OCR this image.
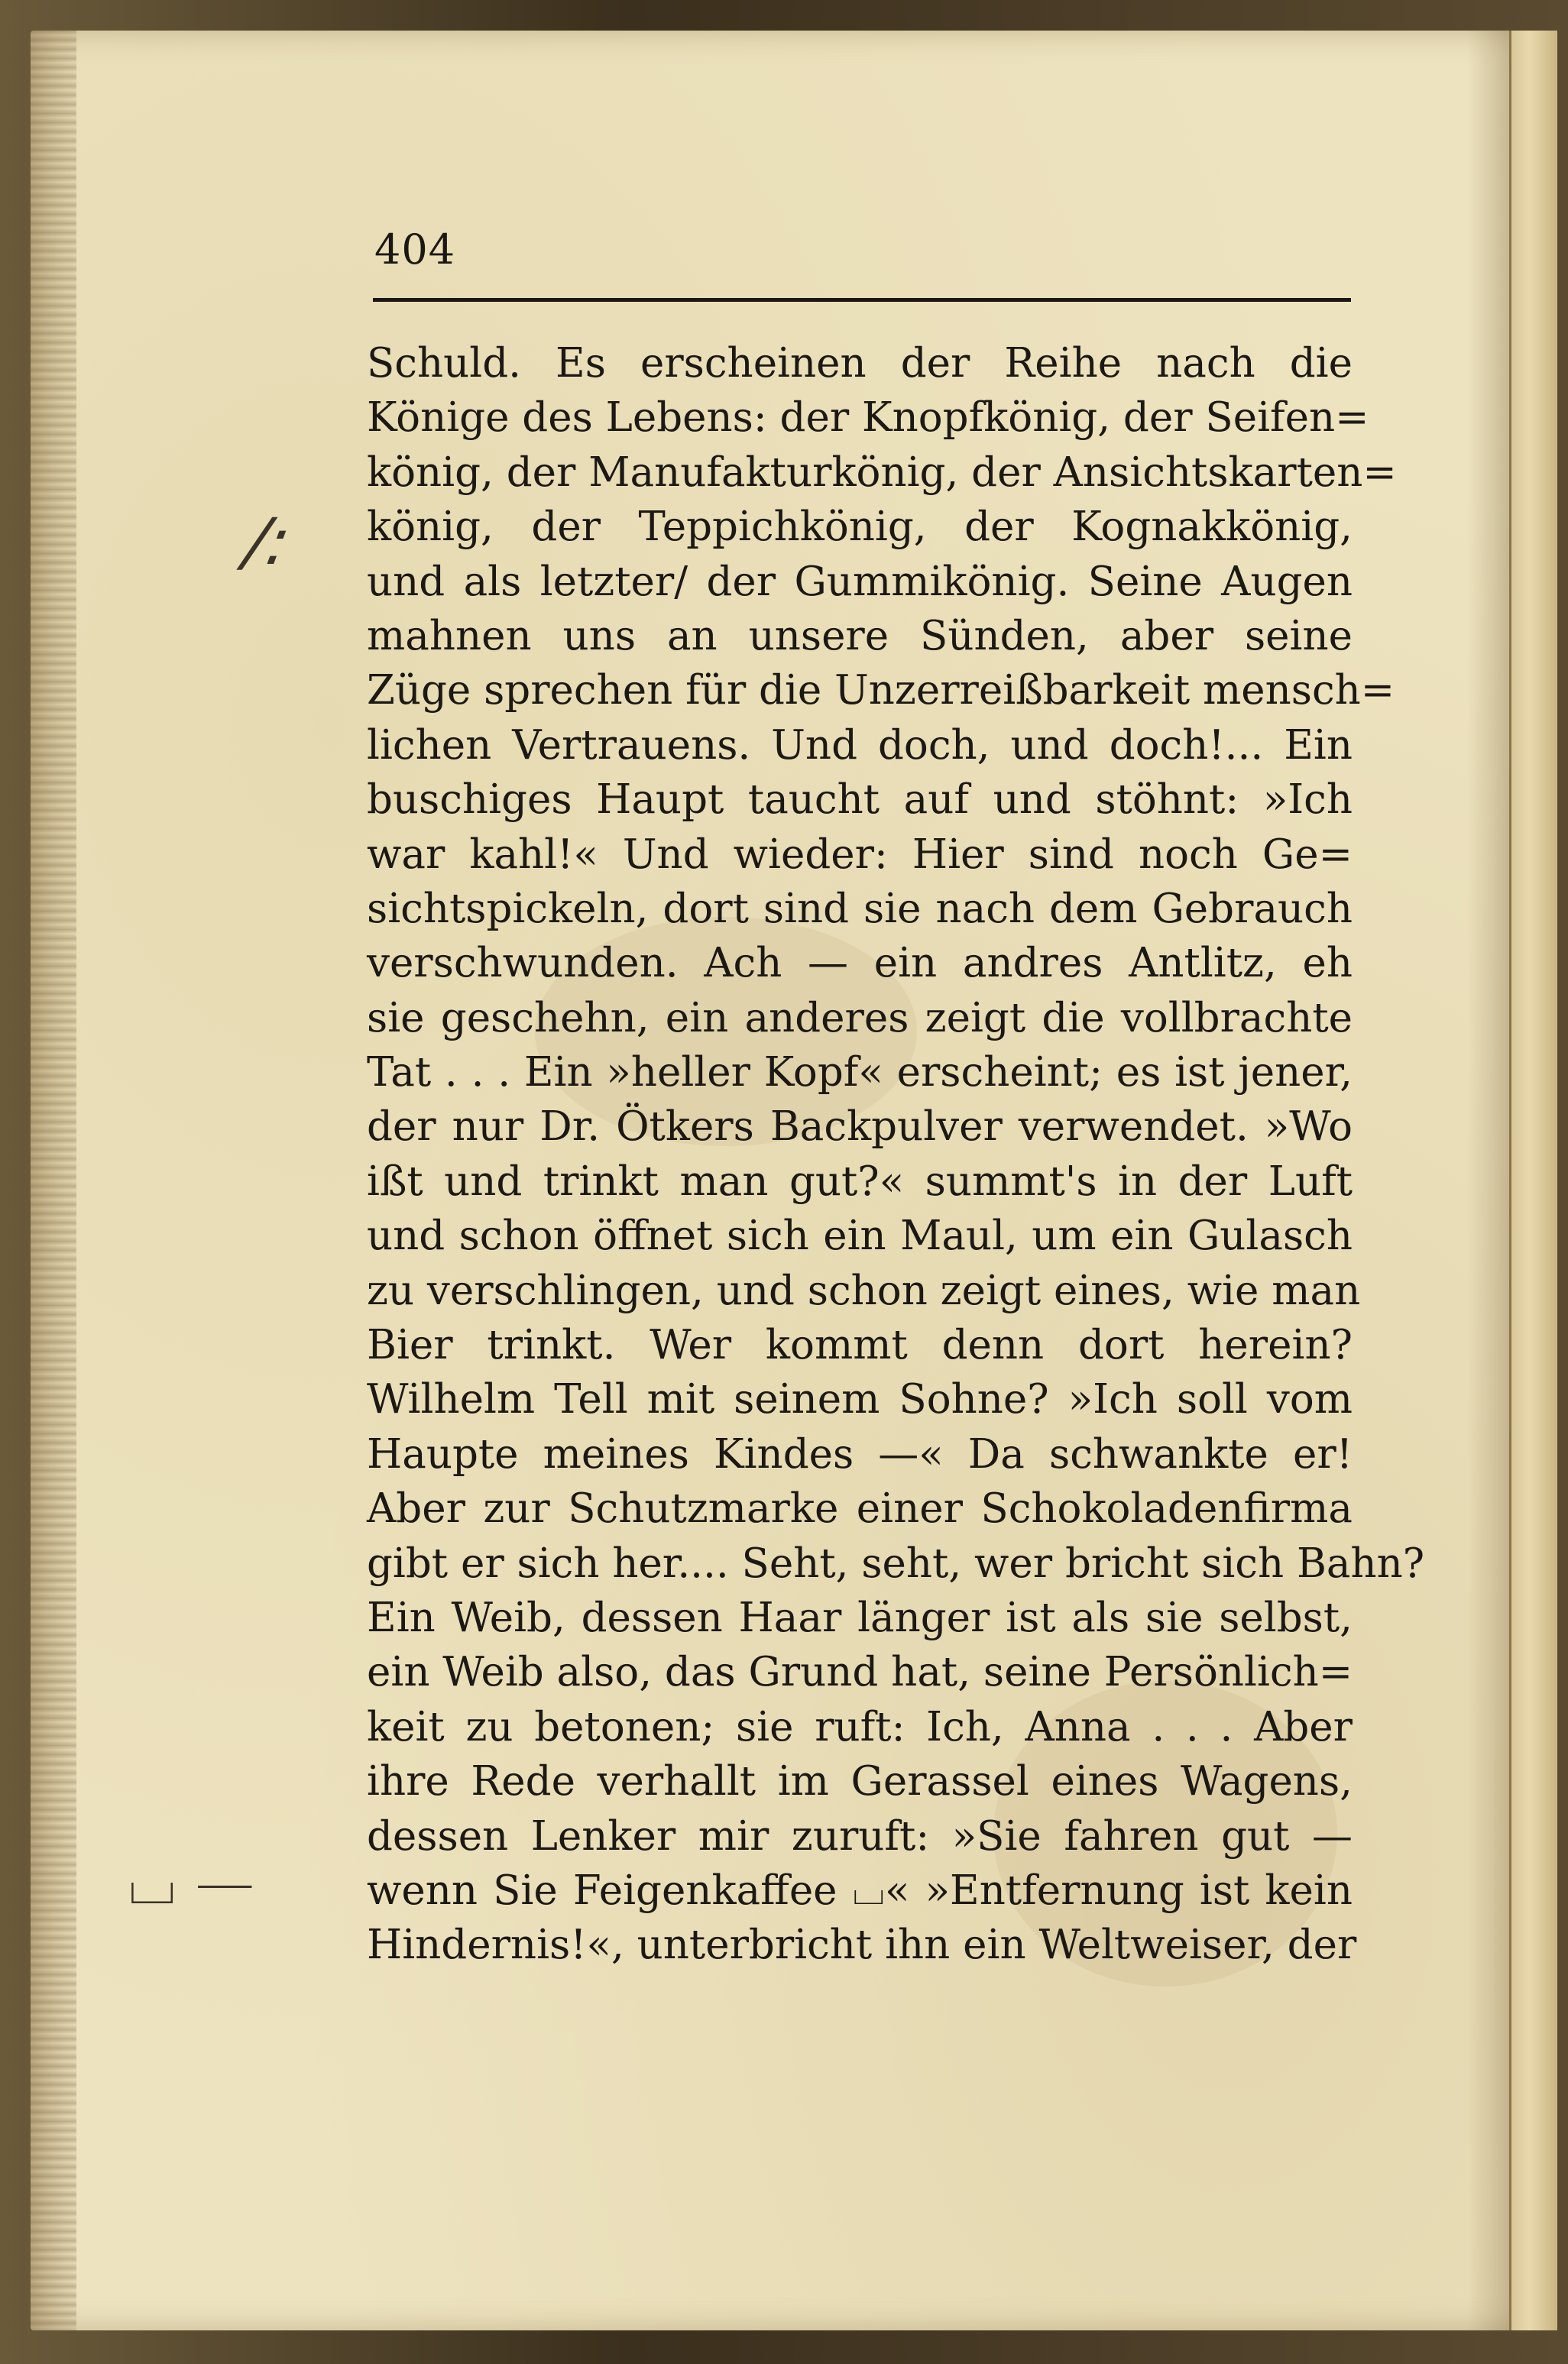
404
Schuld. Es erscheinen der Reihe nach die
Könige des Lebens: der Knopfkönig, der Seifen=
könig, der Manufakturkönig, der Ansichtskarten=
könig, der Teppichkönig, der Kognakkönig,
und als letzter/ der Gummikönig. Seine Augen
mahnen uns an unsere Sünden, aber seine
Züge sprechen für die Unzerreißbarkeit mensch=
lichen Vertrauens. Und doch, und doch!... Ein
buschiges Haupt taucht auf und stöhnt: »Ich
war kahl!« Und wieder: Hier sind noch Ge=
sichtspickeln, dort sind sie nach dem Gebrauch
verschwunden. Ach — ein andres Antlitz, eh
sie geschehn, ein anderes zeigt die vollbrachte
Tat . . . Ein »heller Kopf« erscheint; es ist jener,
der nur Dr. Ötkers Backpulver verwendet. »Wo
ißt und trinkt man gut?« summt's in der Luft
und schon öffnet sich ein Maul, um ein Gulasch
zu verschlingen, und schon zeigt eines, wie man
Bier trinkt. Wer kommt denn dort herein?
Wilhelm Tell mit seinem Sohne? »Ich soll vom
Haupte meines Kindes —« Da schwankte er!
Aber zur Schutzmarke einer Schokoladenfirma
gibt er sich her.... Seht, seht, wer bricht sich Bahn?
Ein Weib, dessen Haar länger ist als sie selbst,
ein Weib also, das Grund hat, seine Persönlich=
keit zu betonen; sie ruft: Ich, Anna . . . Aber
ihre Rede verhallt im Gerassel eines Wagens,
dessen Lenker mir zuruft: »Sie fahren gut —
wenn Sie Feigenkaffee ⌴« »Entfernung ist kein
Hindernis!«, unterbricht ihn ein Weltweiser, der
/:
⌴ —
